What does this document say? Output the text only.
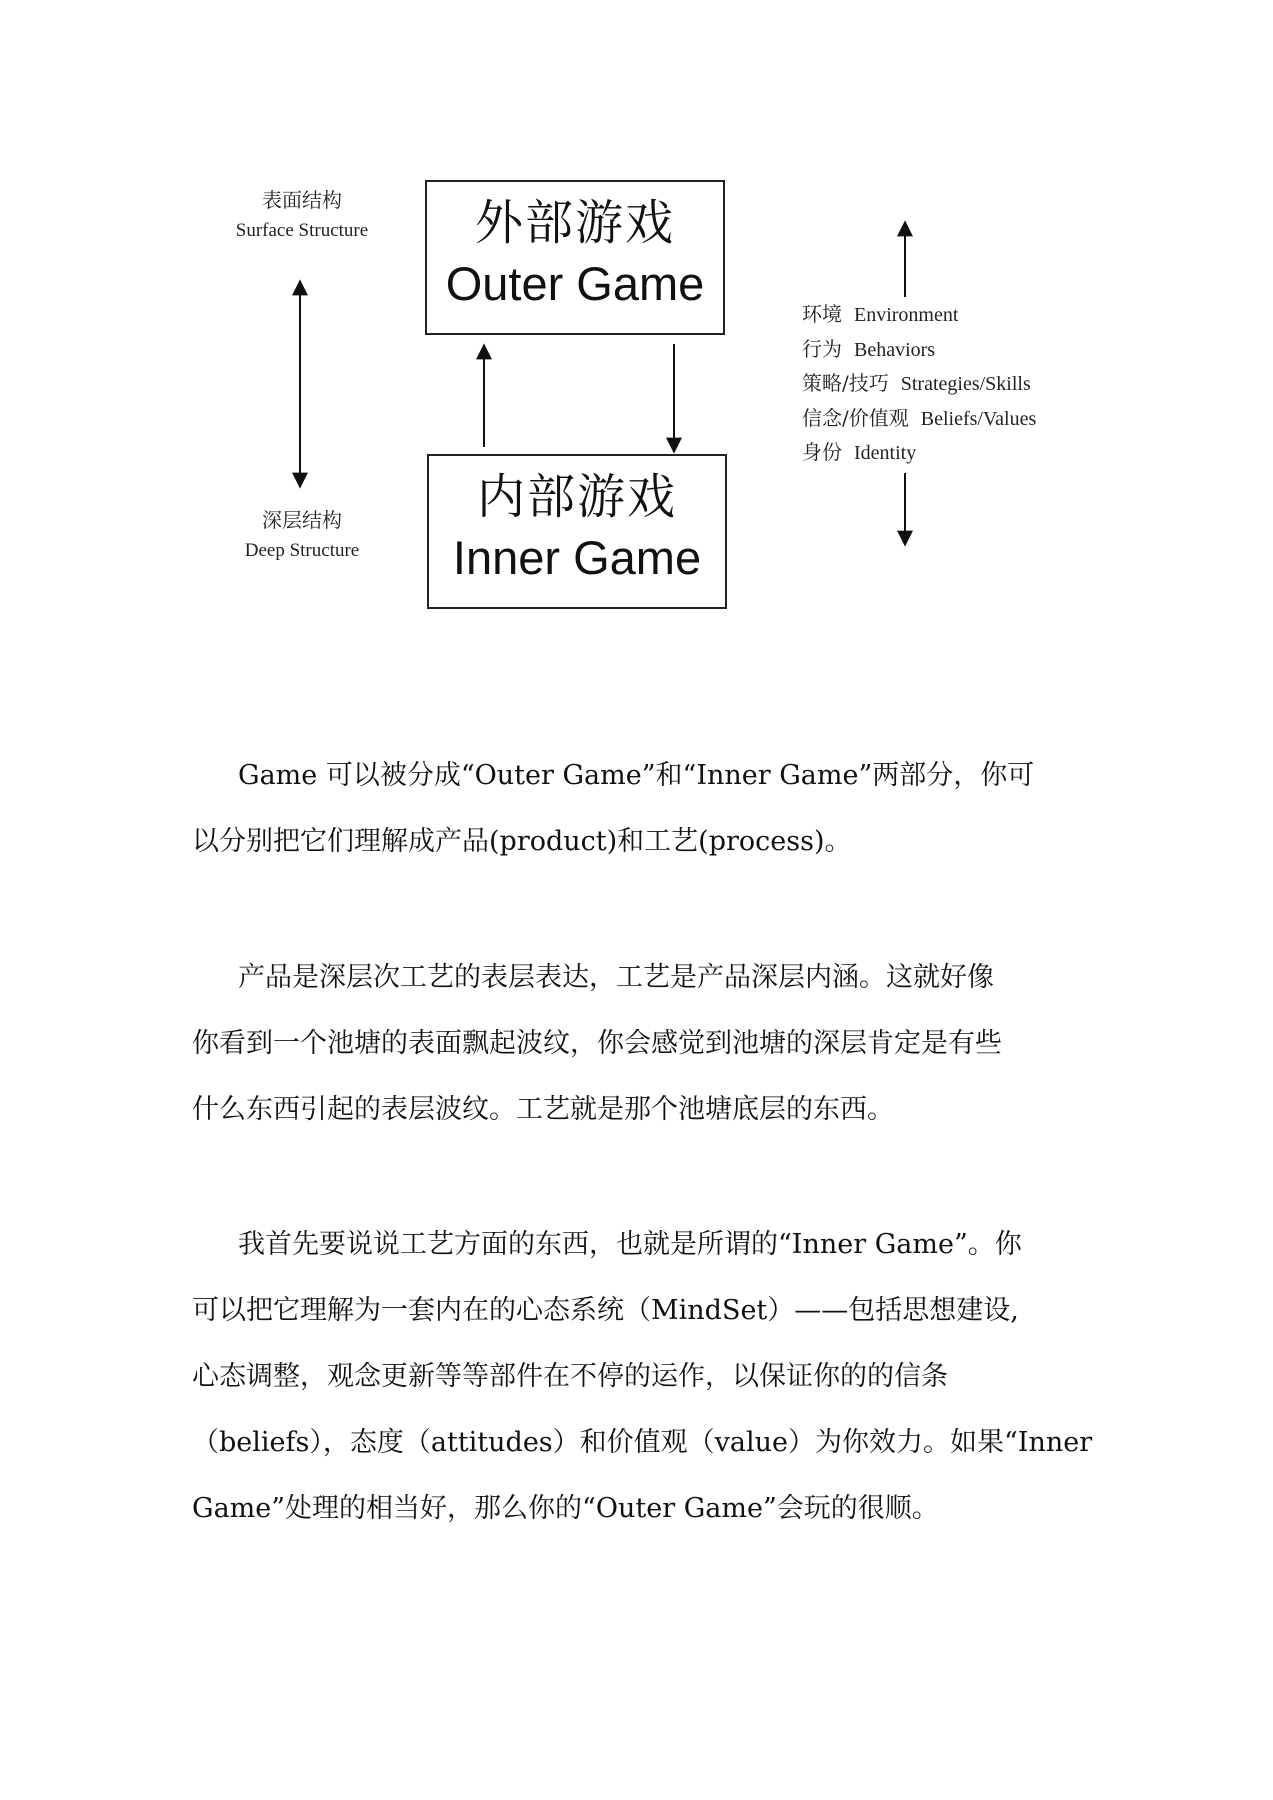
表面结构
Surface Structure
深层结构
Deep Structure
外部游戏
Outer Game
内部游戏
Inner Game
环境 Environment
行为 Behaviors
策略/技巧 Strategies/Skills
信念/价值观 Beliefs/Values
身份 Identity

Game 可以被分成“Outer Game”和“Inner Game”两部分，你可
以分别把它们理解成产品(product)和工艺(process)。

产品是深层次工艺的表层表达，工艺是产品深层内涵。这就好像
你看到一个池塘的表面飘起波纹，你会感觉到池塘的深层肯定是有些
什么东西引起的表层波纹。工艺就是那个池塘底层的东西。

我首先要说说工艺方面的东西，也就是所谓的“Inner Game”。你
可以把它理解为一套内在的心态系统（MindSet）——包括思想建设,
心态调整，观念更新等等部件在不停的运作，以保证你的的信条
（beliefs），态度（attitudes）和价值观（value）为你效力。如果“Inner
Game”处理的相当好，那么你的“Outer Game”会玩的很顺。
